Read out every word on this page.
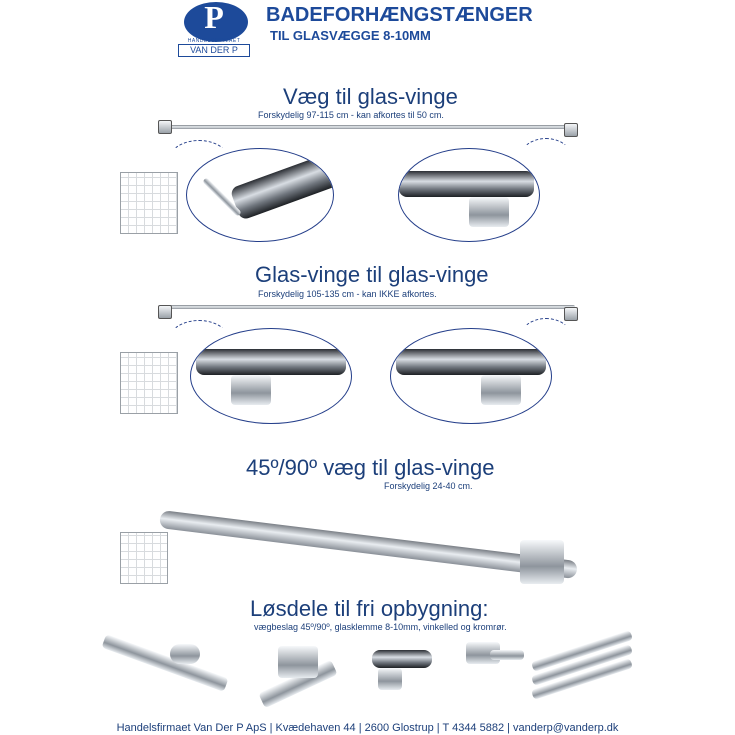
P
HANDELSFIRMAET
VAN DER P
BADEFORHÆNGSTÆNGER
TIL GLASVÆGGE 8-10MM
Væg til glas-vinge
Forskydelig 97-115 cm - kan afkortes til 50 cm.
Glas-vinge til glas-vinge
Forskydelig 105-135 cm - kan IKKE afkortes.
45º/90º væg til glas-vinge
Forskydelig 24-40 cm.
Løsdele til fri opbygning:
vægbeslag 45º/90º, glasklemme 8-10mm, vinkelled og kromrør.
Handelsfirmaet Van Der P ApS | Kvædehaven 44 | 2600 Glostrup | T 4344 5882 | vanderp@vanderp.dk
